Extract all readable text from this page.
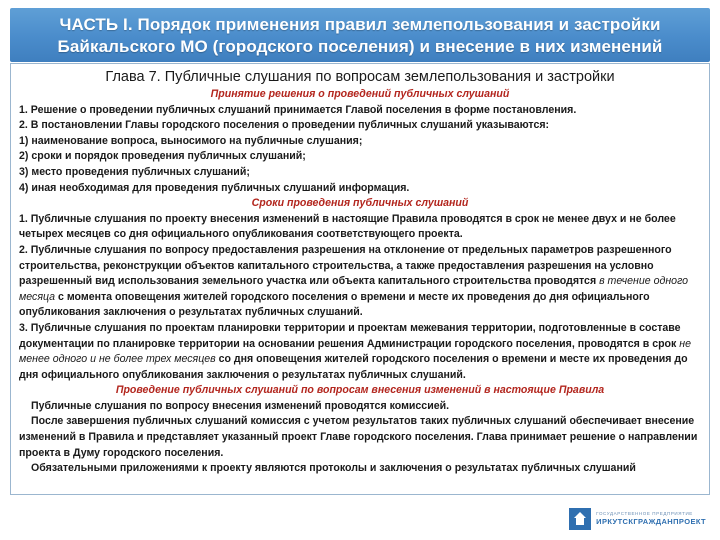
ЧАСТЬ I. Порядок применения правил землепользования и застройки
Байкальского МО (городского поселения) и внесение в них изменений
Глава 7. Публичные слушания по вопросам землепользования и застройки

Принятие решения о проведений публичных слушаний

1. Решение о проведении публичных слушаний принимается Главой поселения в форме постановления.

2. В постановлении Главы городского поселения о проведении публичных слушаний указываются:

1) наименование вопроса, выносимого на публичные слушания;

2) сроки и порядок проведения публичных слушаний;

3) место проведения публичных слушаний;

4) иная необходимая для проведения публичных слушаний информация.

Сроки проведения публичных слушаний

1. Публичные слушания по проекту внесения изменений в настоящие Правила проводятся в срок не менее двух и не более четырех месяцев со дня официального опубликования соответствующего проекта.

2. Публичные слушания по вопросу предоставления разрешения на отклонение от предельных параметров разрешенного строительства, реконструкции объектов капитального строительства, а также предоставления разрешения на условно разрешенный вид использования земельного участка или объекта капитального строительства проводятся в течение одного месяца с момента оповещения жителей городского поселения о времени и месте их проведения до дня официального опубликования заключения о результатах публичных слушаний.

3. Публичные слушания по проектам планировки территории и проектам межевания территории, подготовленные в составе документации по планировке территории на основании решения Администрации городского поселения, проводятся в срок не менее одного и не более трех месяцев со дня оповещения жителей городского поселения о времени и месте их проведения до дня официального опубликования заключения о результатах публичных слушаний.

Проведение публичных слушаний по вопросам внесения изменений в настоящие Правила

Публичные слушания по вопросу внесения изменений проводятся комиссией.

После завершения публичных слушаний комиссия с учетом результатов таких публичных слушаний обеспечивает внесение изменений в Правила и представляет указанный проект Главе городского поселения. Глава принимает решение о направлении проекта в Думу городского поселения.

Обязательными приложениями к проекту являются протоколы и заключения о результатах публичных слушаний

ГОСУДАРСТВЕННОЕ ПРЕДПРИЯТИЕ
ИРКУТСКГРАЖДАНПРОЕКТ
